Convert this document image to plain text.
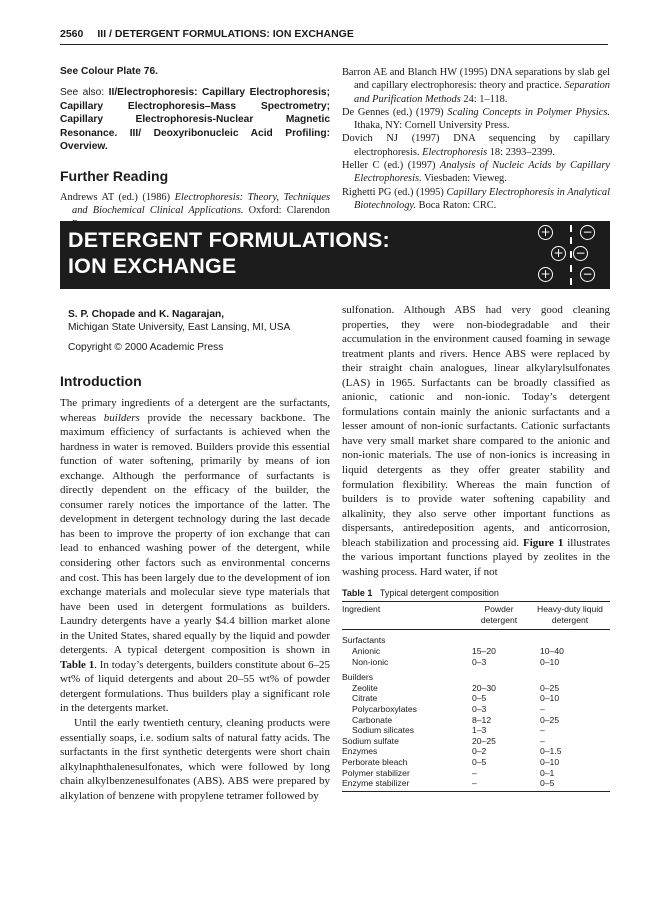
2560 III / DETERGENT FORMULATIONS: ION EXCHANGE

See Colour Plate 76.

See also: II/Electrophoresis: Capillary Electrophoresis; Capillary Electrophoresis–Mass Spectrometry; Capillary Electrophoresis-Nuclear Magnetic Resonance. III/ Deoxyribonucleic Acid Profiling: Overview.

Further Reading

Andrews AT (ed.) (1986) Electrophoresis: Theory, Techniques and Biochemical Clinical Applications. Oxford: Clarendon

Barron AE and Blanch HW (1995) DNA separations by slab gel and capillary electrophoresis: theory and practice. Separation and Purification Methods 24: 1–118.

De Gennes (ed.) (1979) Scaling Concepts in Polymer Physics. Ithaka, NY: Cornell University Press.

Dovich NJ (1997) DNA sequencing by capillary electrophoresis. Electrophoresis 18: 2393–2399.

Heller C (ed.) (1997) Analysis of Nucleic Acids by Capillary Electrophoresis. Viesbaden: Vieweg.

Righetti PG (ed.) (1995) Capillary Electrophoresis in Analytical Biotechnology. Boca Raton: CRC.

DETERGENT FORMULATIONS:
ION EXCHANGE
+	−
+ −
+	−
S. P. Chopade and K. Nagarajan,
Michigan State University, East Lansing, MI, USA
Copyright © 2000 Academic Press
Introduction

The primary ingredients of a detergent are the surfactants, whereas builders provide the necessary backbone. The maximum efficiency of surfactants is achieved when the hardness in water is removed. Builders provide this essential function of water softening, primarily by means of ion exchange. Although the performance of surfactants is directly dependent on the efficacy of the builder, the consumer rarely notices the importance of the latter. The development in detergent technology during the last decade has been to improve the property of ion exchange that can lead to enhanced washing power of the detergent, while considering other factors such as environmental concerns and cost. This has been largely due to the development of ion exchange materials and molecular sieve type materials that have been used in detergent formulations as builders. Laundry detergents have a yearly $4.4 billion market alone in the United States, shared equally by the liquid and powder detergents. A typical detergent composition is shown in Table 1. In today’s detergents, builders constitute about 6–25 wt% of liquid detergents and about 20–55 wt% of powder detergent formulations. Thus builders play a significant role in the detergents market.

Until the early twentieth century, cleaning products were essentially soaps, i.e. sodium salts of natural fatty acids. The surfactants in the first synthetic detergents were short chain alkylnaphthalenesulfonates, which were followed by long chain alkylbenzenesulfonates (ABS). ABS were prepared by alkylation of benzene with propylene tetramer followed by

sulfonation. Although ABS had very good cleaning properties, they were non-biodegradable and their accumulation in the environment caused foaming in sewage treatment plants and rivers. Hence ABS were replaced by their straight chain analogues, linear alkylarylsulfonates (LAS) in 1965. Surfactants can be broadly classified as anionic, cationic and non-ionic. Today’s detergent formulations contain mainly the anionic surfactants and a lesser amount of non-ionic surfactants. Cationic surfactants have very small market share compared to the anionic and non-ionic materials. The use of non-ionics is increasing in liquid detergents as they offer greater stability and formulation flexibility. Whereas the main function of builders is to provide water softening capability and alkalinity, they also serve other important functions as dispersants, antiredeposition agents, and anticorrosion, bleach stabilization and processing aid. Figure 1 illustrates the various important functions played by zeolites in the washing process. Hard water, if not

Table 1 Typical detergent composition

Ingredient	Powder detergent	Heavy-duty liquid detergent
Surfactants		
Anionic	15–20	10–40
Non-ionic	0–3	0–10
Builders		
Zeolite	20–30	0–25
Citrate	0–5	0–10
Polycarboxylates	0–3	–
Carbonate	8–12	0–25
Sodium silicates	1–3	–
Sodium sulfate	20–25	–
Enzymes	0–2	0–1.5
Perborate bleach	0–5	0–10
Polymer stabilizer	–	0–1
Enzyme stabilizer	–	0–5
